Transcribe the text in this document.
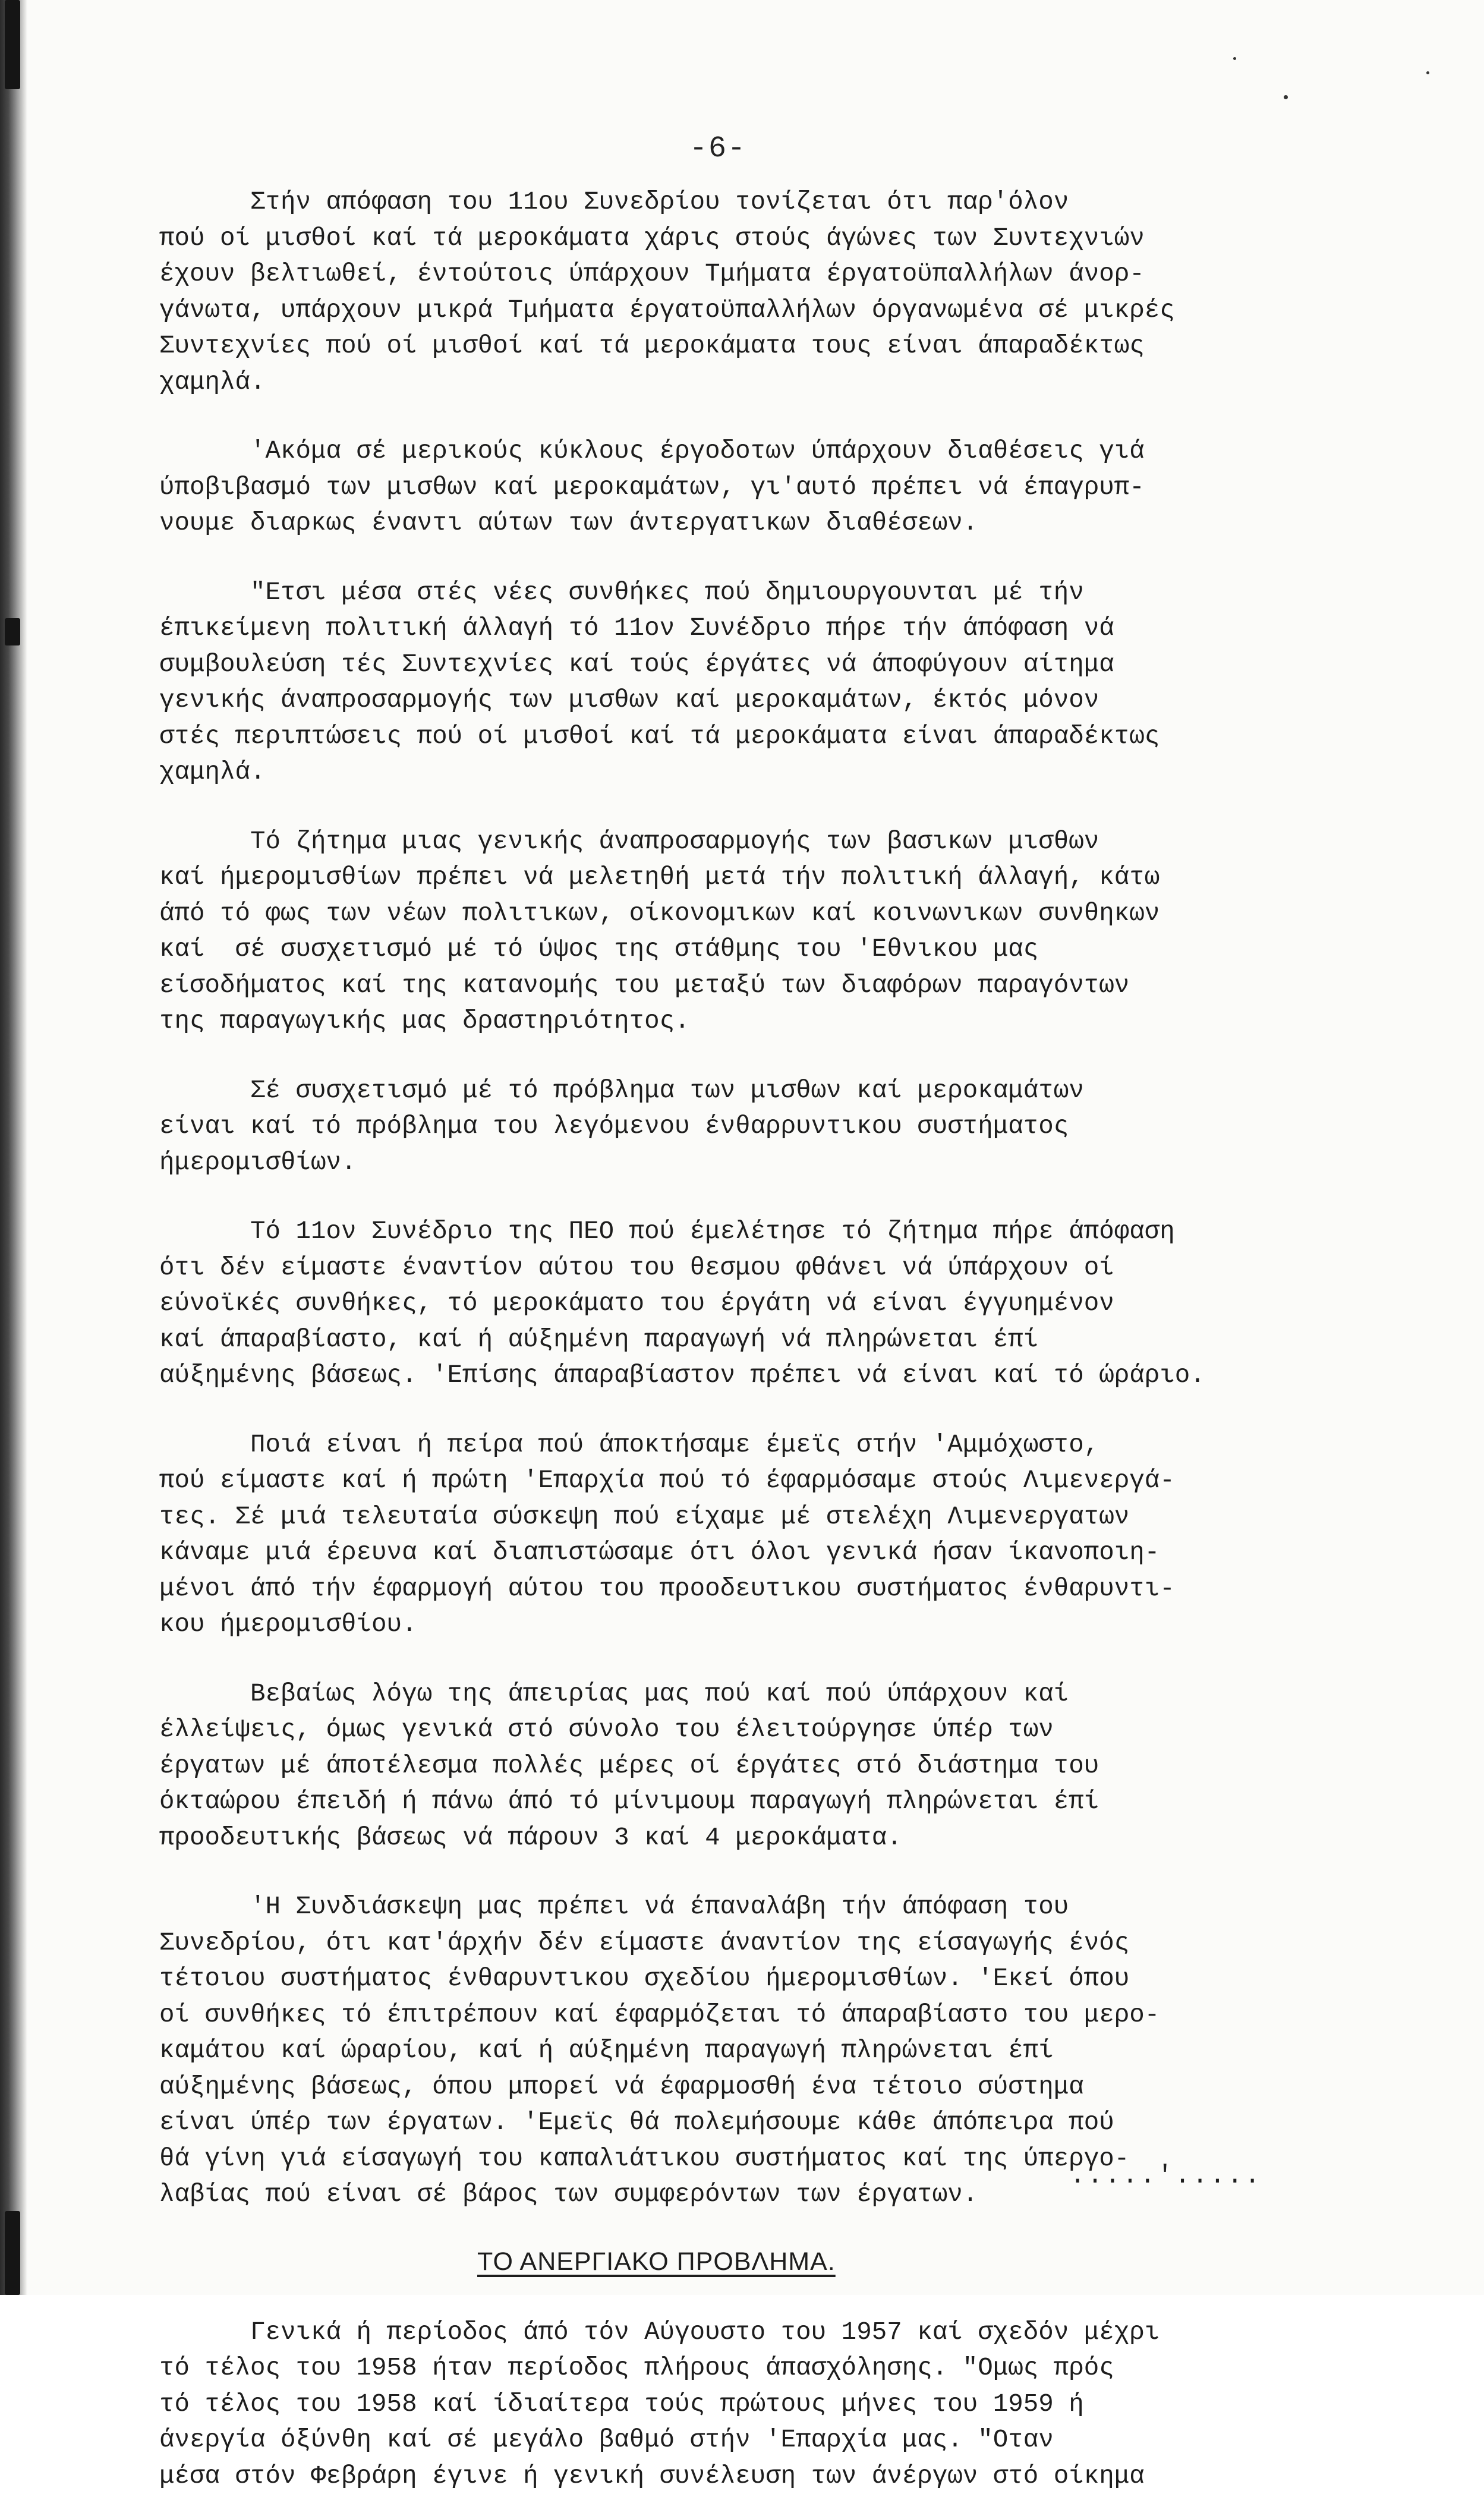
-6-

Στήν απόφαση του 11ου Συνεδρίου τονίζεται ότι παρ'όλον
πού οί μισθοί καί τά μεροκάματα χάρις στούς άγώνες των Συντεχνιών
έχουν βελτιωθεί, έντούτοις ύπάρχουν Τμήματα έργατοϋπαλλήλων άνορ-
γάνωτα, υπάρχουν μικρά Τμήματα έργατοϋπαλλήλων όργανωμένα σέ μικρές
Συντεχνίες πού οί μισθοί καί τά μεροκάματα τους είναι άπαραδέκτως
χαμηλά.

'Ακόμα σέ μερικούς κύκλους έργοδοτων ύπάρχουν διαθέσεις γιά
ύποβιβασμό των μισθων καί μεροκαμάτων, γι'αυτό πρέπει νά έπαγρυπ-
νουμε διαρκως έναντι αύτων των άντεργατικων διαθέσεων.

"Ετσι μέσα στές νέες συνθήκες πού δημιουργουνται μέ τήν
έπικείμενη πολιτική άλλαγή τό 11ον Συνέδριο πήρε τήν άπόφαση νά
συμβουλεύση τές Συντεχνίες καί τούς έργάτες νά άποφύγουν αίτημα
γενικής άναπροσαρμογής των μισθων καί μεροκαμάτων, έκτός μόνον
στές περιπτώσεις πού οί μισθοί καί τά μεροκάματα είναι άπαραδέκτως
χαμηλά.

Τό ζήτημα μιας γενικής άναπροσαρμογής των βασικων μισθων
καί ήμερομισθίων πρέπει νά μελετηθή μετά τήν πολιτική άλλαγή, κάτω
άπό τό φως των νέων πολιτικων, οίκονομικων καί κοινωνικων συνθηκων
καί  σέ συσχετισμό μέ τό ύψος της στάθμης του 'Εθνικου μας
είσοδήματος καί της κατανομής του μεταξύ των διαφόρων παραγόντων
της παραγωγικής μας δραστηριότητος.

Σέ συσχετισμό μέ τό πρόβλημα των μισθων καί μεροκαμάτων
είναι καί τό πρόβλημα του λεγόμενου ένθαρρυντικου συστήματος
ήμερομισθίων.

Τό 11ον Συνέδριο της ΠΕΟ πού έμελέτησε τό ζήτημα πήρε άπόφαση
ότι δέν είμαστε έναντίον αύτου του θεσμου φθάνει νά ύπάρχουν οί
εύνοϊκές συνθήκες, τό μεροκάματο του έργάτη νά είναι έγγυημένον
καί άπαραβίαστο, καί ή αύξημένη παραγωγή νά πληρώνεται έπί
αύξημένης βάσεως. 'Επίσης άπαραβίαστον πρέπει νά είναι καί τό ώράριο.

Ποιά είναι ή πείρα πού άποκτήσαμε έμεϊς στήν 'Αμμόχωστο,
πού είμαστε καί ή πρώτη 'Επαρχία πού τό έφαρμόσαμε στούς Λιμενεργά-
τες. Σέ μιά τελευταία σύσκεψη πού είχαμε μέ στελέχη Λιμενεργατων
κάναμε μιά έρευνα καί διαπιστώσαμε ότι όλοι γενικά ήσαν ίκανοποιη-
μένοι άπό τήν έφαρμογή αύτου του προοδευτικου συστήματος ένθαρυντι-
κου ήμερομισθίου.

Βεβαίως λόγω της άπειρίας μας πού καί πού ύπάρχουν καί
έλλείψεις, όμως γενικά στό σύνολο του έλειτούργησε ύπέρ των
έργατων μέ άποτέλεσμα πολλές μέρες οί έργάτες στό διάστημα του
όκταώρου έπειδή ή πάνω άπό τό μίνιμουμ παραγωγή πληρώνεται έπί
προοδευτικής βάσεως νά πάρουν 3 καί 4 μεροκάματα.

'Η Συνδιάσκεψη μας πρέπει νά έπαναλάβη τήν άπόφαση του
Συνεδρίου, ότι κατ'άρχήν δέν είμαστε άναντίον της είσαγωγής ένός
τέτοιου συστήματος ένθαρυντικου σχεδίου ήμερομισθίων. 'Εκεί όπου
οί συνθήκες τό έπιτρέπουν καί έφαρμόζεται τό άπαραβίαστο του μερο-
καμάτου καί ώραρίου, καί ή αύξημένη παραγωγή πληρώνεται έπί
αύξημένης βάσεως, όπου μπορεί νά έφαρμοσθή ένα τέτοιο σύστημα
είναι ύπέρ των έργατων. 'Εμεϊς θά πολεμήσουμε κάθε άπόπειρα πού
θά γίνη γιά είσαγωγή του καπαλιάτικου συστήματος καί της ύπεργο-
λαβίας πού είναι σέ βάρος των συμφερόντων των έργατων.

ΤΟ ΑΝΕΡΓΙΑΚΟ ΠΡΟΒΛΗΜΑ.

Γενικά ή περίοδος άπό τόν Αύγουστο του 1957 καί σχεδόν μέχρι
τό τέλος του 1958 ήταν περίοδος πλήρους άπασχόλησης. "Ομως πρός
τό τέλος του 1958 καί ίδιαίτερα τούς πρώτους μήνες του 1959 ή
άνεργία όξύνθη καί σέ μεγάλο βαθμό στήν 'Επαρχία μας. "Οταν
μέσα στόν Φεβράρη έγινε ή γενική συνέλευση των άνέργων στό οίκημα

.....ʹ.....
